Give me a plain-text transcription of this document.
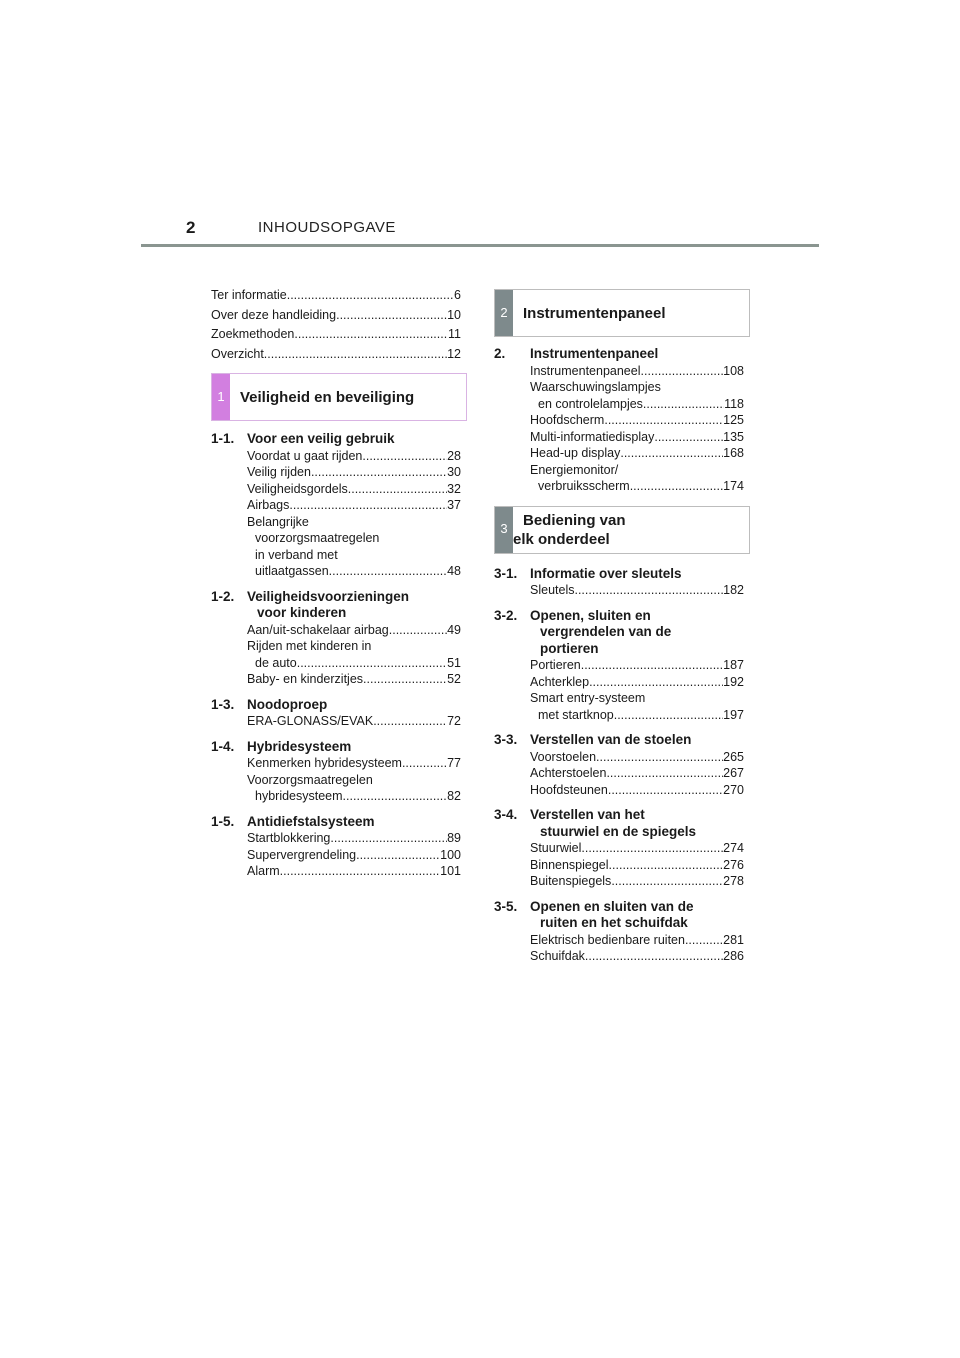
2	INHOUDSOPGAVE
Ter informatie .....	6
Over deze handleiding .....	10
Zoekmethoden .....	11
Overzicht .....	12
1	Veiligheid en beveiliging
1-1. Voor een veilig gebruik
Voordat u gaat rijden .....	28
Veilig rijden .....	30
Veiligheidsgordels .....	32
Airbags .....	37
Belangrijke
voorzorgsmaatregelen
in verband met
uitlaatgassen .....	48
1-2. Veiligheidsvoorzieningen
voor kinderen
Aan/uit-schakelaar airbag .....	49
Rijden met kinderen in
de auto .....	51
Baby- en kinderzitjes .....	52
1-3. Noodoproep
ERA-GLONASS/EVAK .....	72
1-4. Hybridesysteem
Kenmerken hybridesysteem .....	77
Voorzorgsmaatregelen
hybridesysteem .....	82
1-5. Antidiefstalsysteem
Startblokkering .....	89
Supervergrendeling .....	100
Alarm .....	101
2	Instrumentenpaneel
2.	Instrumentenpaneel
Instrumentenpaneel .....	108
Waarschuwingslampjes
en controlelampjes .....	118
Hoofdscherm .....	125
Multi-informatiedisplay .....	135
Head-up display .....	168
Energiemonitor/
verbruiksscherm .....	174
3
Bediening van
elk onderdeel
3-1. Informatie over sleutels
Sleutels .....	182
3-2. Openen, sluiten en
vergrendelen van de
portieren
Portieren .....	187
Achterklep .....	192
Smart entry-systeem
met startknop .....	197
3-3. Verstellen van de stoelen
Voorstoelen .....	265
Achterstoelen .....	267
Hoofdsteunen .....	270
3-4. Verstellen van het
stuurwiel en de spiegels
Stuurwiel .....	274
Binnenspiegel .....	276
Buitenspiegels .....	278
3-5. Openen en sluiten van de
ruiten en het schuifdak
Elektrisch bedienbare ruiten .....	281
Schuifdak .....	286
